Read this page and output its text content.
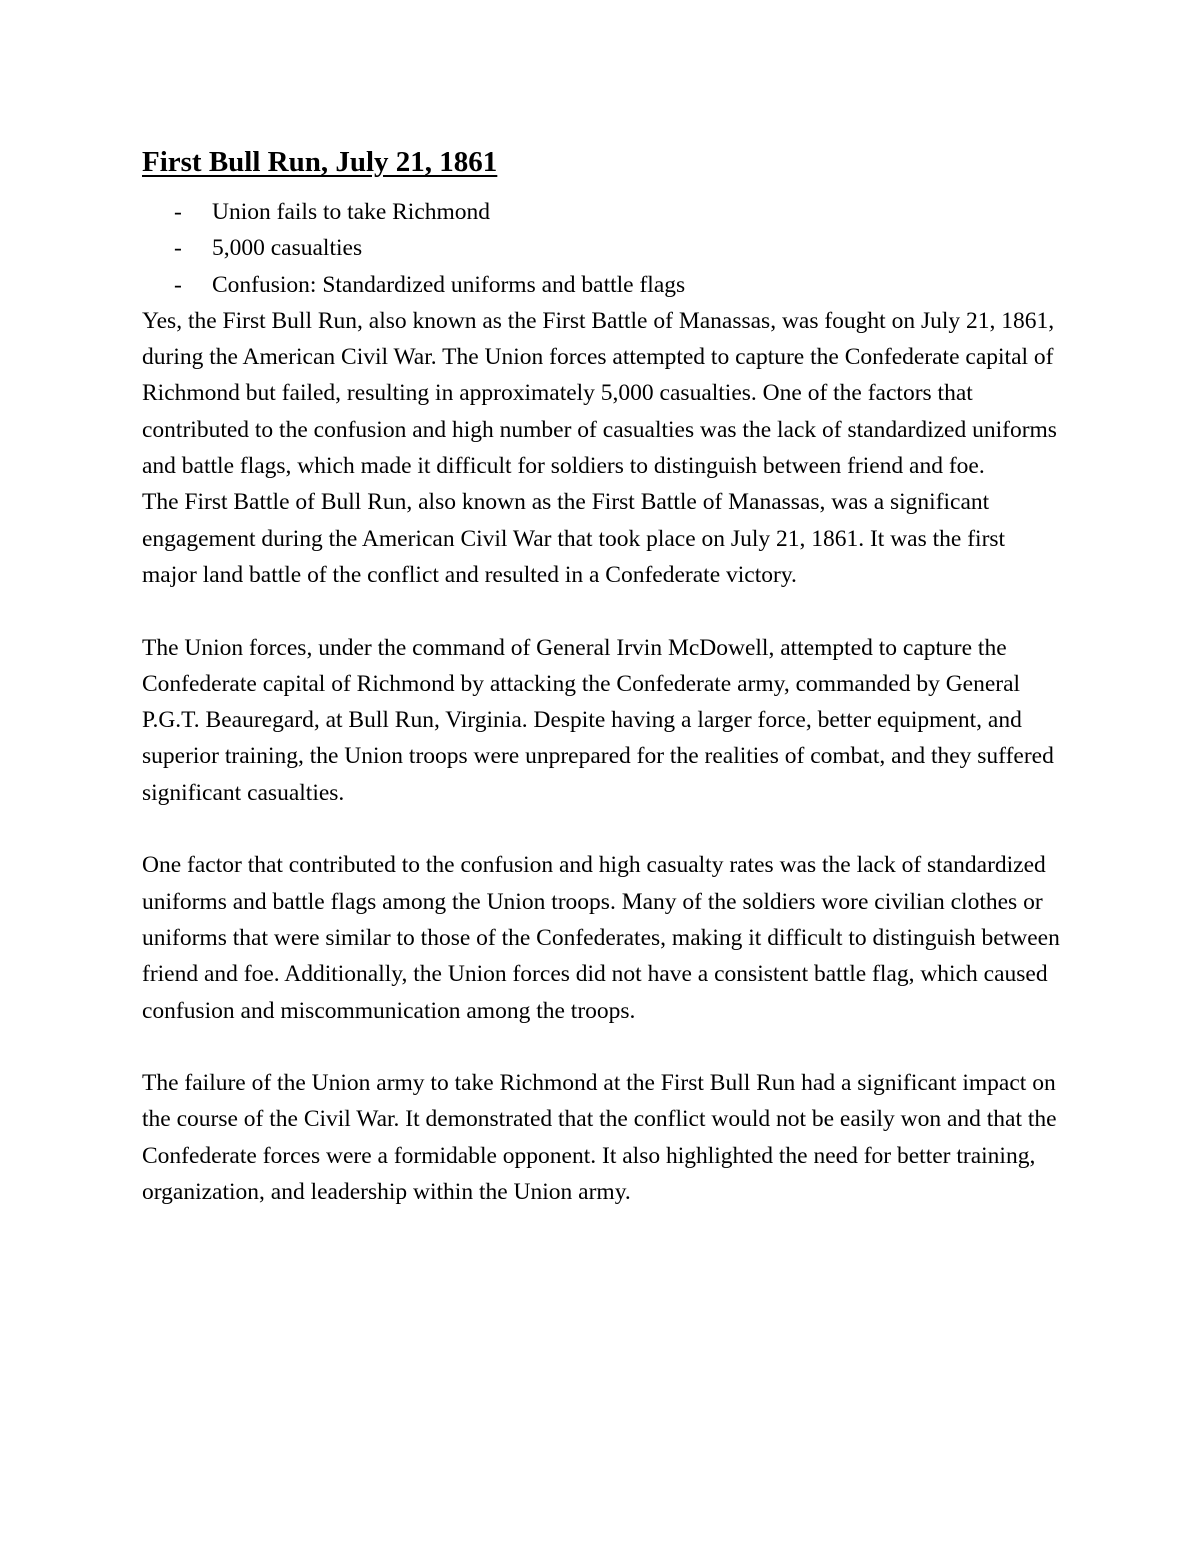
First Bull Run, July 21, 1861
- Union fails to take Richmond
- 5,000 casualties
- Confusion: Standardized uniforms and battle flags

Yes, the First Bull Run, also known as the First Battle of Manassas, was fought on July 21, 1861, during the American Civil War. The Union forces attempted to capture the Confederate capital of Richmond but failed, resulting in approximately 5,000 casualties. One of the factors that contributed to the confusion and high number of casualties was the lack of standardized uniforms and battle flags, which made it difficult for soldiers to distinguish between friend and foe.

The First Battle of Bull Run, also known as the First Battle of Manassas, was a significant engagement during the American Civil War that took place on July 21, 1861. It was the first major land battle of the conflict and resulted in a Confederate victory.

The Union forces, under the command of General Irvin McDowell, attempted to capture the Confederate capital of Richmond by attacking the Confederate army, commanded by General P.G.T. Beauregard, at Bull Run, Virginia. Despite having a larger force, better equipment, and superior training, the Union troops were unprepared for the realities of combat, and they suffered significant casualties.

One factor that contributed to the confusion and high casualty rates was the lack of standardized uniforms and battle flags among the Union troops. Many of the soldiers wore civilian clothes or uniforms that were similar to those of the Confederates, making it difficult to distinguish between friend and foe. Additionally, the Union forces did not have a consistent battle flag, which caused confusion and miscommunication among the troops.

The failure of the Union army to take Richmond at the First Bull Run had a significant impact on the course of the Civil War. It demonstrated that the conflict would not be easily won and that the Confederate forces were a formidable opponent. It also highlighted the need for better training, organization, and leadership within the Union army.
